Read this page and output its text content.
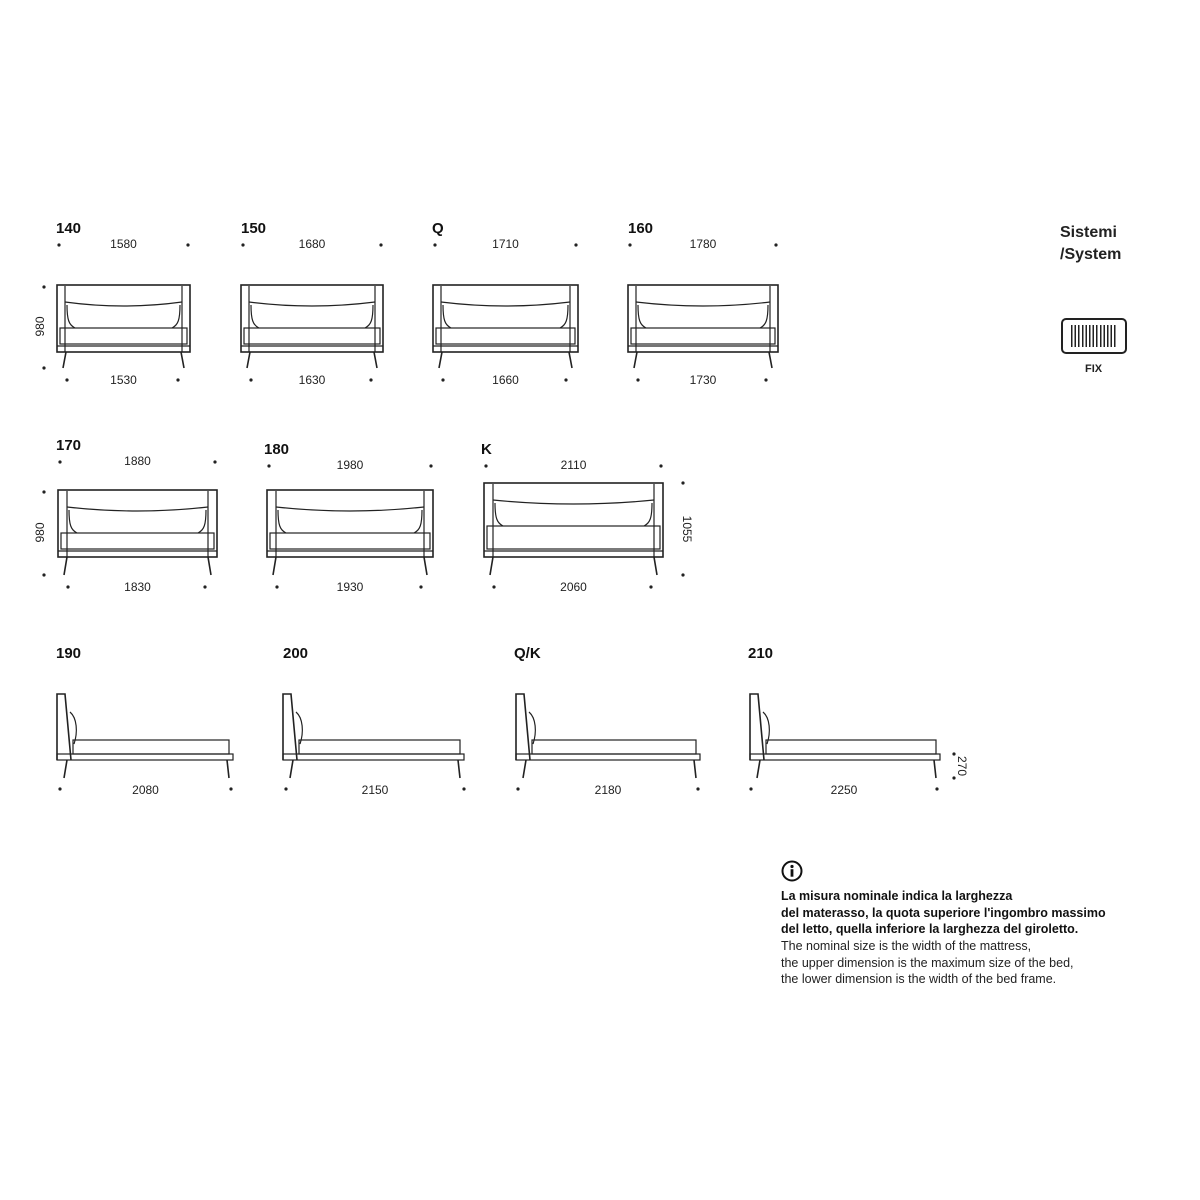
140
1580
1530
980
150
1680
1630
Q
1710
1660
160
1780
1730
170
1880
1830
980
180
1980
1930
K
2110
2060
1055
190
2080
200
2150
Q/K
2180
210
2250
270
Sistemi
/System
FIX
La misura nominale indica la larghezza
del materasso, la quota superiore l'ingombro massimo
del letto, quella inferiore la larghezza del giroletto.
The nominal size is the width of the mattress,
the upper dimension is the maximum size of the bed,
the lower dimension is the width of the bed frame.
